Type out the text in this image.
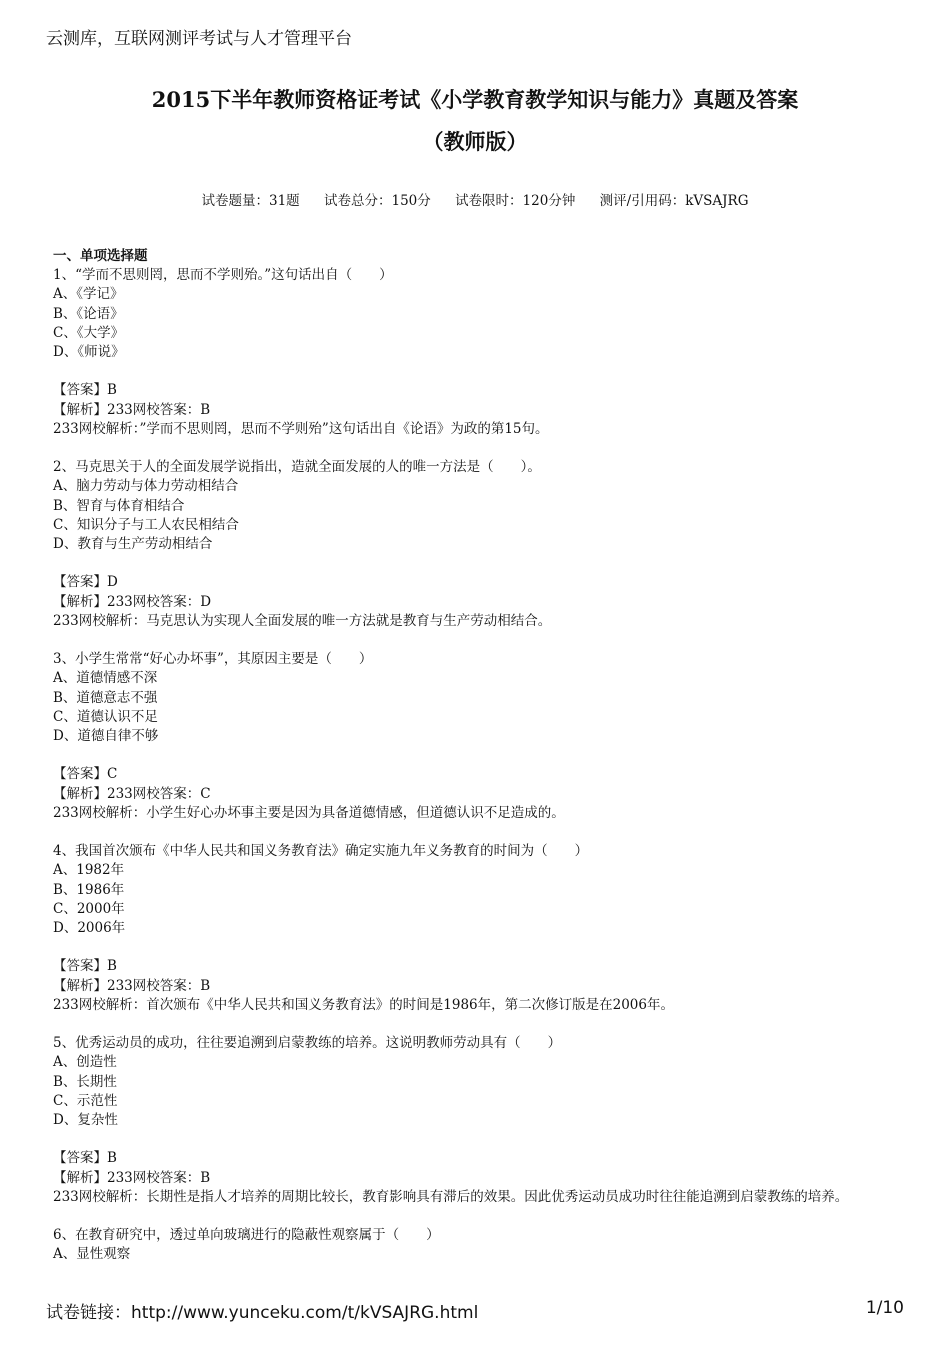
云测库，互联网测评考试与人才管理平台
2015下半年教师资格证考试《小学教育教学知识与能力》真题及答案
（教师版）
试卷题量：31题 试卷总分：150分 试卷限时：120分钟 测评/引用码：kVSAJRG
一、单项选择题
1、“学而不思则罔，思而不学则殆。”这句话出自（　　）
A、《学记》
B、《论语》
C、《大学》
D、《师说》
【答案】B
【解析】233网校答案：B
233网校解析：”学而不思则罔，思而不学则殆”这句话出自《论语》为政的第15句。
2、马克思关于人的全面发展学说指出，造就全面发展的人的唯一方法是（　　）。
A、脑力劳动与体力劳动相结合
B、智育与体育相结合
C、知识分子与工人农民相结合
D、教育与生产劳动相结合
【答案】D
【解析】233网校答案：D
233网校解析：马克思认为实现人全面发展的唯一方法就是教育与生产劳动相结合。
3、小学生常常“好心办坏事”，其原因主要是（　　）
A、道德情感不深
B、道德意志不强
C、道德认识不足
D、道德自律不够
【答案】C
【解析】233网校答案：C
233网校解析：小学生好心办坏事主要是因为具备道德情感，但道德认识不足造成的。
4、我国首次颁布《中华人民共和国义务教育法》确定实施九年义务教育的时间为（　　）
A、1982年
B、1986年
C、2000年
D、2006年
【答案】B
【解析】233网校答案：B
233网校解析：首次颁布《中华人民共和国义务教育法》的时间是1986年，第二次修订版是在2006年。
5、优秀运动员的成功，往往要追溯到启蒙教练的培养。这说明教师劳动具有（　　）
A、创造性
B、长期性
C、示范性
D、复杂性
【答案】B
【解析】233网校答案：B
233网校解析：长期性是指人才培养的周期比较长，教育影响具有滞后的效果。因此优秀运动员成功时往往能追溯到启蒙教练的培养。
6、在教育研究中，透过单向玻璃进行的隐蔽性观察属于（　　）
A、显性观察
试卷链接：http://www.yunceku.com/t/kVSAJRG.html	1/10
